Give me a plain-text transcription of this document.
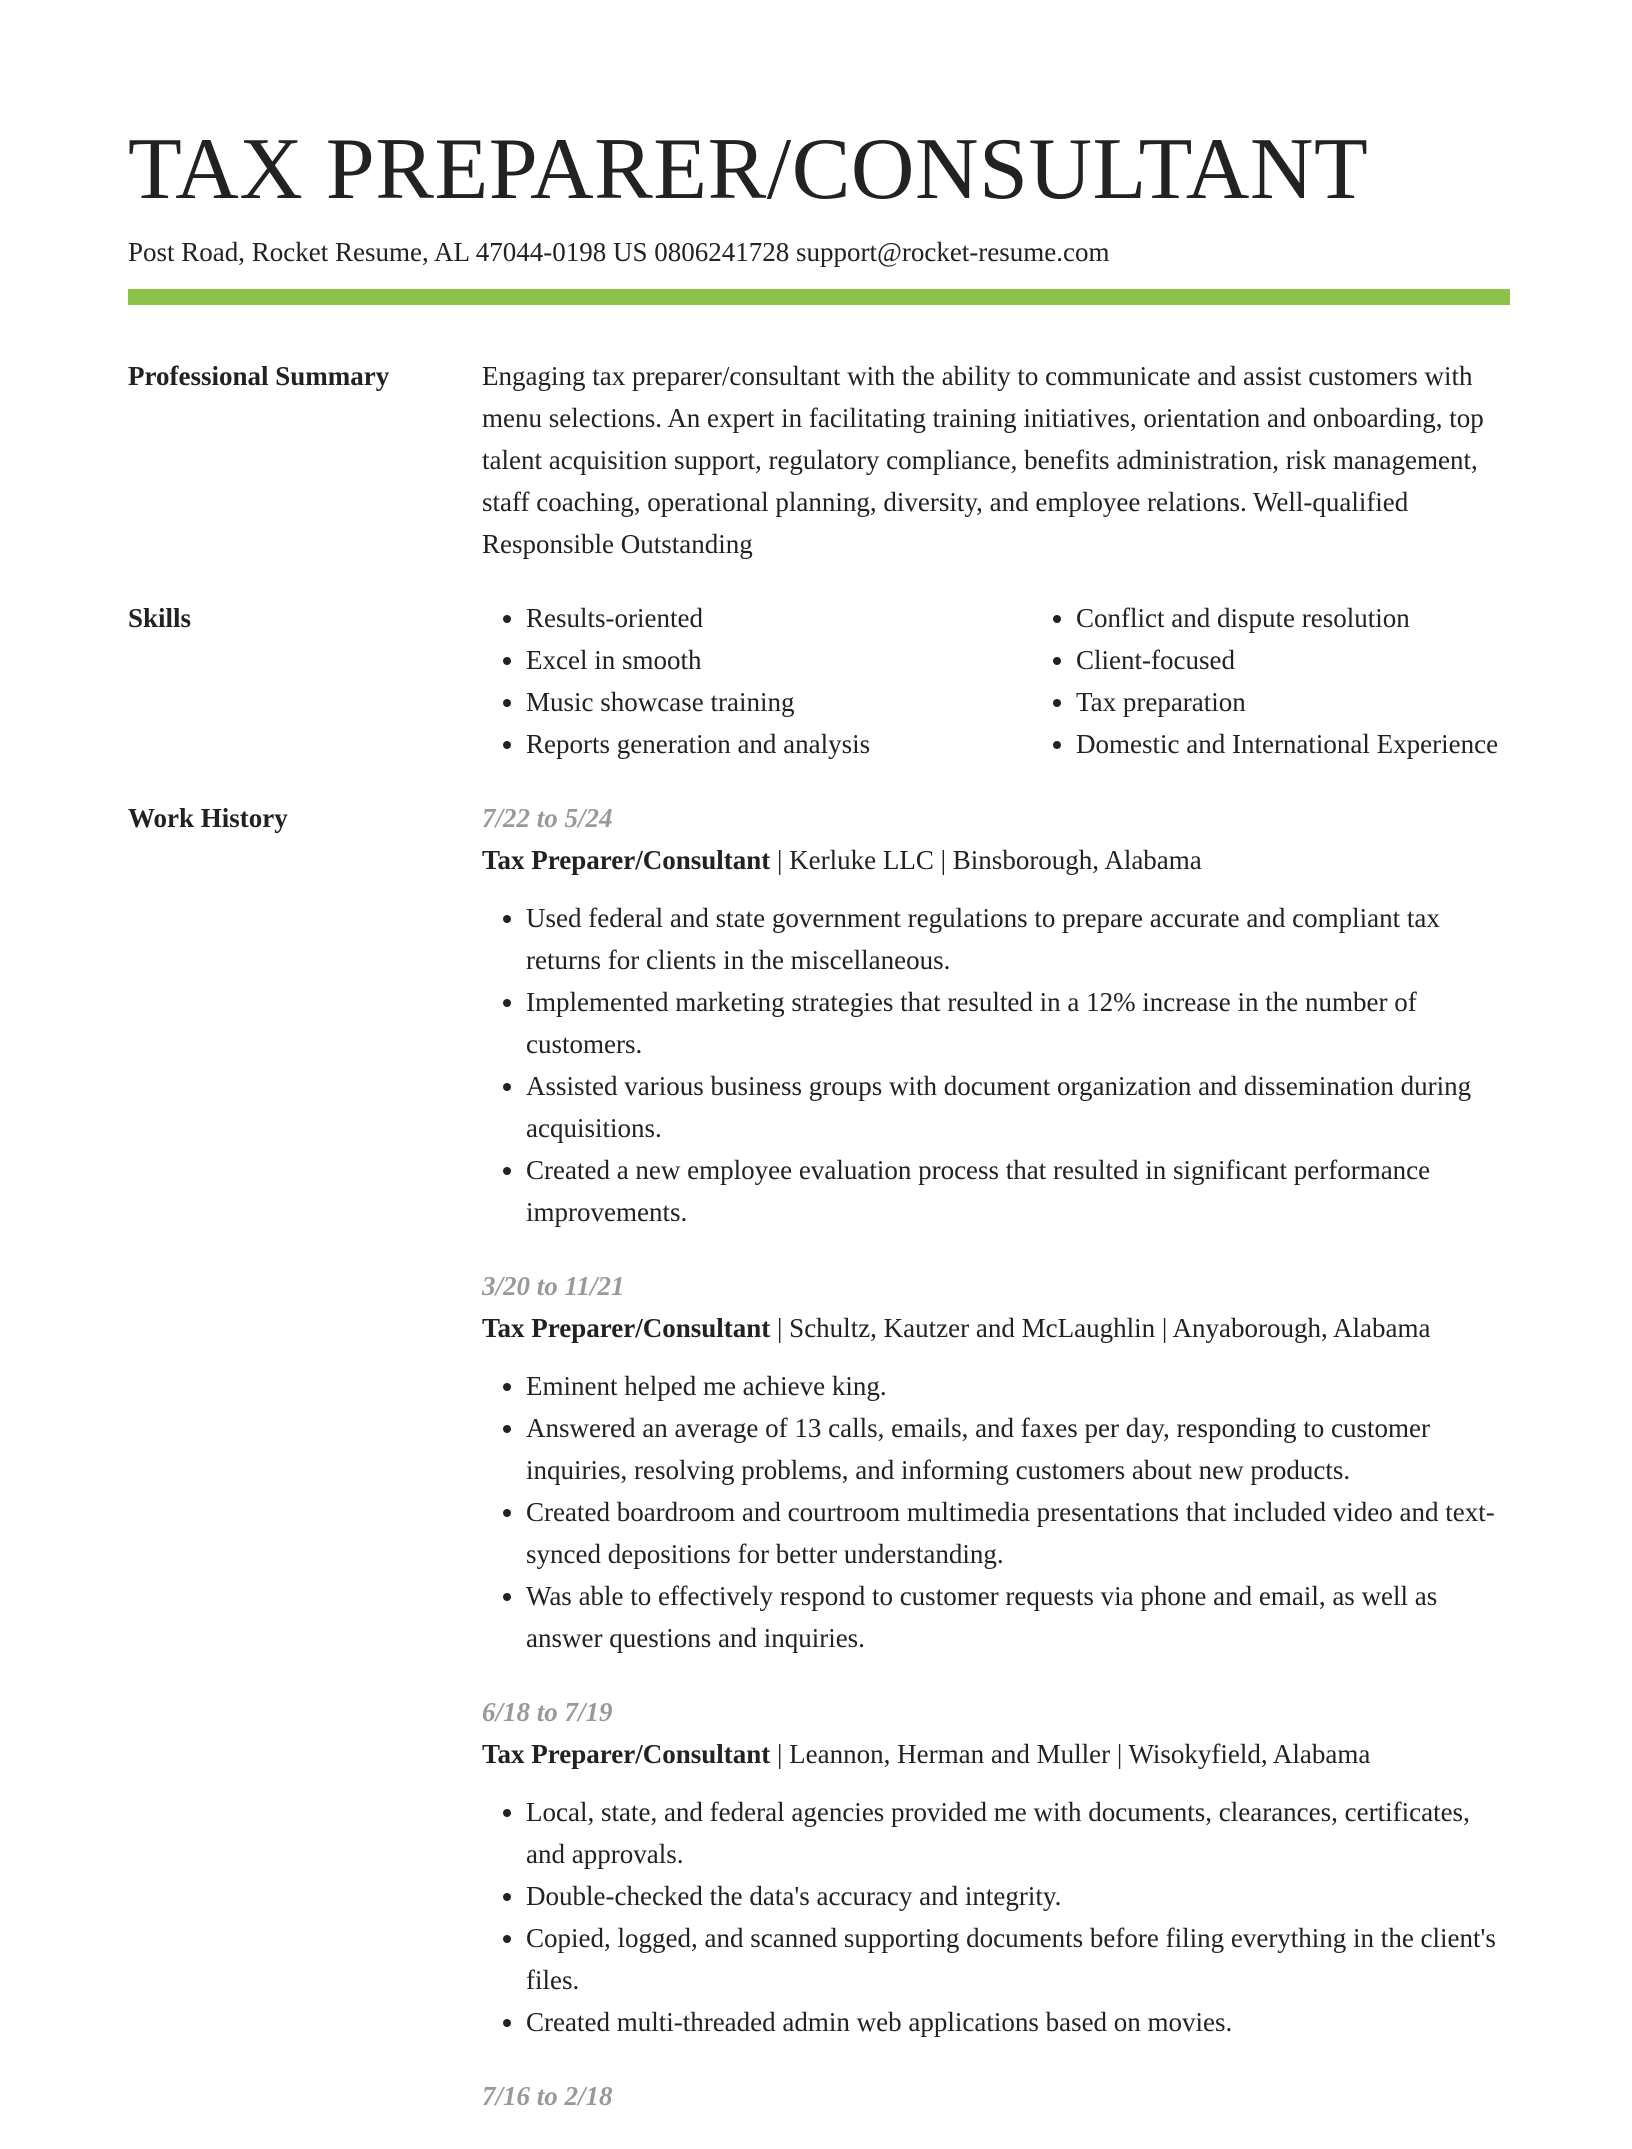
TAX PREPARER/CONSULTANT
Post Road, Rocket Resume, AL 47044-0198 US 0806241728 support@rocket-resume.com
Professional Summary	Engaging tax preparer/consultant with the ability to communicate and assist customers with menu selections. An expert in facilitating training initiatives, orientation and onboarding, top talent acquisition support, regulatory compliance, benefits administration, risk management, staff coaching, operational planning, diversity, and employee relations. Well-qualified Responsible Outstanding
Skills
•	Results-oriented
• Excel in smooth
• Music showcase training
• Reports generation and analysis
• Conflict and dispute resolution
• Client-focused
• Tax preparation
• Domestic and International Experience
Work History	7/22 to 5/24
Tax Preparer/Consultant | Kerluke LLC | Binsborough, Alabama
• Used federal and state government regulations to prepare accurate and compliant tax returns for clients in the miscellaneous.
• Implemented marketing strategies that resulted in a 12% increase in the number of customers.
• Assisted various business groups with document organization and dissemination during acquisitions.
• Created a new employee evaluation process that resulted in significant performance improvements.
3/20 to 11/21
Tax Preparer/Consultant | Schultz, Kautzer and McLaughlin | Anyaborough, Alabama
• Eminent helped me achieve king.
• Answered an average of 13 calls, emails, and faxes per day, responding to customer inquiries, resolving problems, and informing customers about new products.
• Created boardroom and courtroom multimedia presentations that included video and text-synced depositions for better understanding.
• Was able to effectively respond to customer requests via phone and email, as well as answer questions and inquiries.
6/18 to 7/19
Tax Preparer/Consultant | Leannon, Herman and Muller | Wisokyfield, Alabama
• Local, state, and federal agencies provided me with documents, clearances, certificates, and approvals.
• Double-checked the data's accuracy and integrity.
• Copied, logged, and scanned supporting documents before filing everything in the client's files.
• Created multi-threaded admin web applications based on movies.
7/16 to 2/18
